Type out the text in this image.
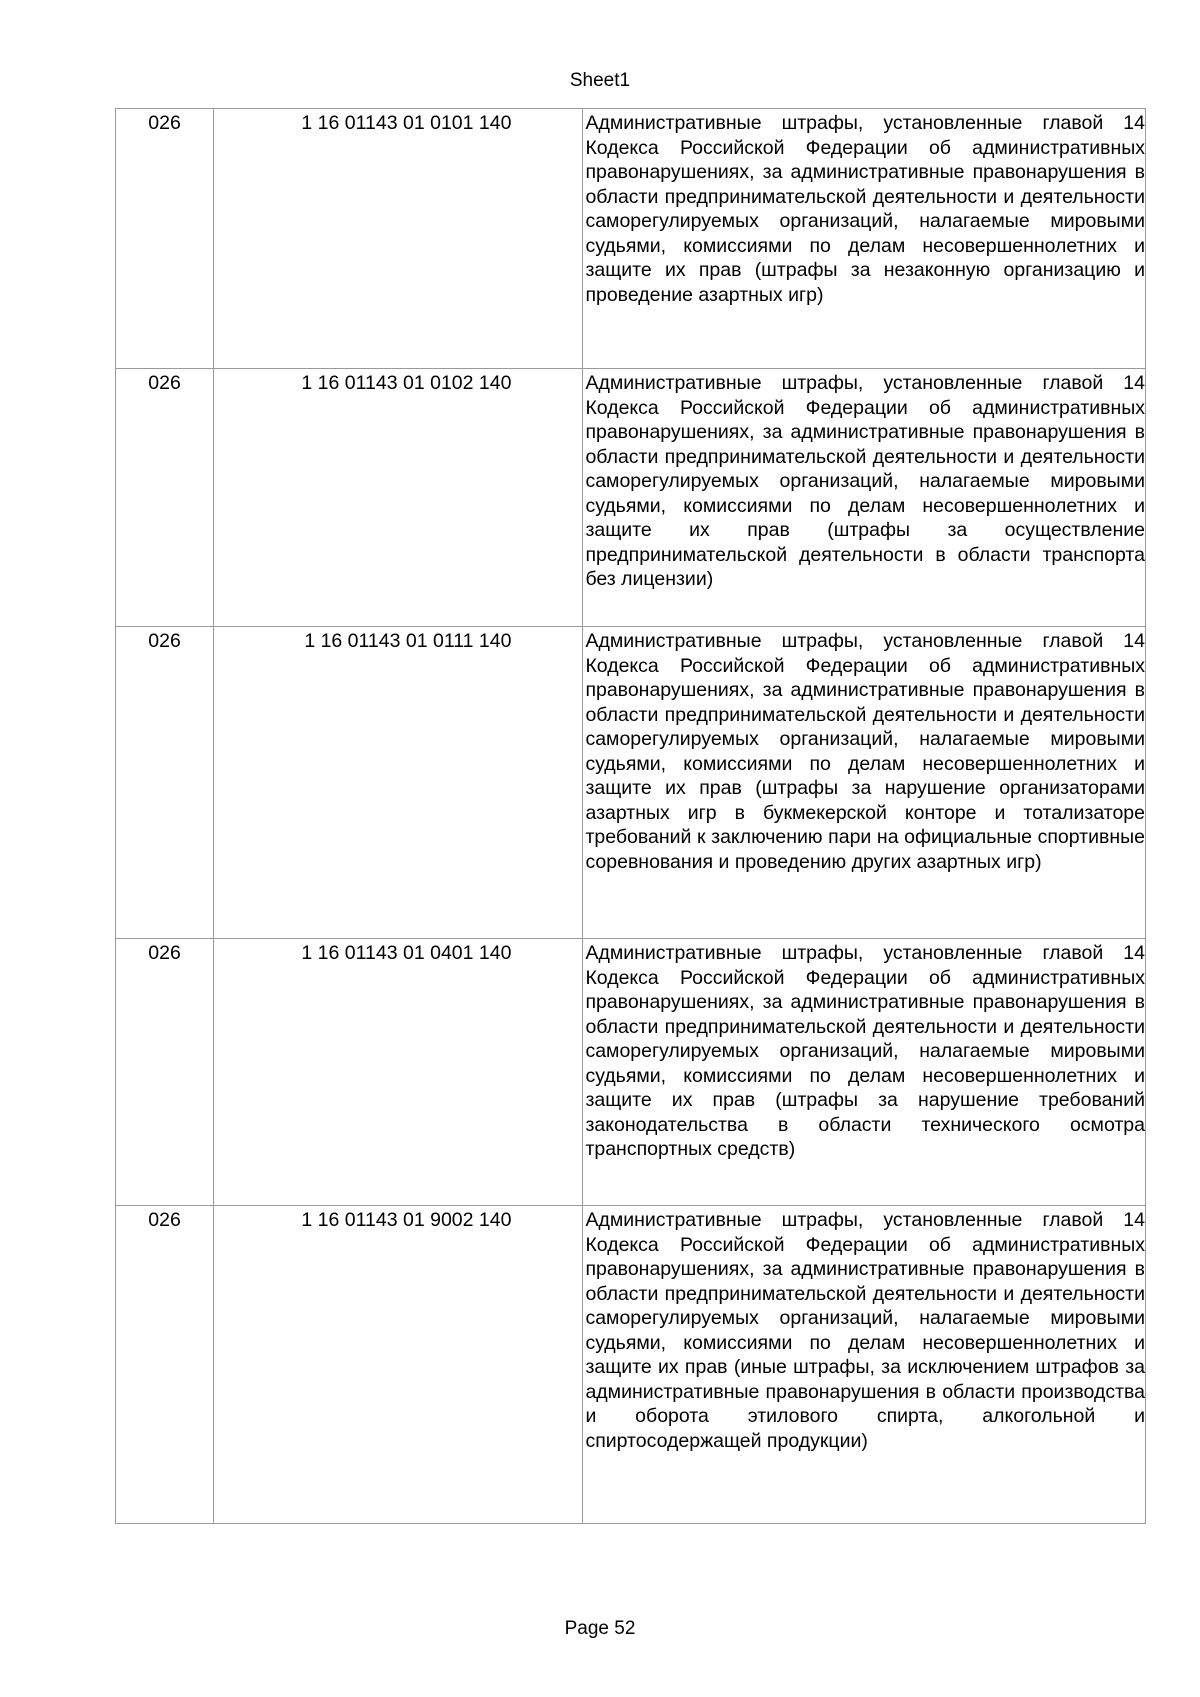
Sheet1
026	1 16 01143 01 0101 140	Административные штрафы, установленные главой 14 Кодекса Российской Федерации об административных правонарушениях, за административные правонарушения в области предпринимательской деятельности и деятельности саморегулируемых организаций, налагаемые мировыми судьями, комиссиями по делам несовершеннолетних и защите их прав (штрафы за незаконную организацию и проведение азартных игр)
026	1 16 01143 01 0102 140	Административные штрафы, установленные главой 14 Кодекса Российской Федерации об административных правонарушениях, за административные правонарушения в области предпринимательской деятельности и деятельности саморегулируемых организаций, налагаемые мировыми судьями, комиссиями по делам несовершеннолетних и защите их прав (штрафы за осуществление предпринимательской деятельности в области транспорта без лицензии)
026	1 16 01143 01 0111 140	Административные штрафы, установленные главой 14 Кодекса Российской Федерации об административных правонарушениях, за административные правонарушения в области предпринимательской деятельности и деятельности саморегулируемых организаций, налагаемые мировыми судьями, комиссиями по делам несовершеннолетних и защите их прав (штрафы за нарушение организаторами азартных игр в букмекерской конторе и тотализаторе требований к заключению пари на официальные спортивные соревнования и проведению других азартных игр)
026	1 16 01143 01 0401 140	Административные штрафы, установленные главой 14 Кодекса Российской Федерации об административных правонарушениях, за административные правонарушения в области предпринимательской деятельности и деятельности саморегулируемых организаций, налагаемые мировыми судьями, комиссиями по делам несовершеннолетних и защите их прав (штрафы за нарушение требований законодательства в области технического осмотра транспортных средств)
026	1 16 01143 01 9002 140	Административные штрафы, установленные главой 14 Кодекса Российской Федерации об административных правонарушениях, за административные правонарушения в области предпринимательской деятельности и деятельности саморегулируемых организаций, налагаемые мировыми судьями, комиссиями по делам несовершеннолетних и защите их прав (иные штрафы, за исключением штрафов за административные правонарушения в области производства и оборота этилового спирта, алкогольной и спиртосодержащей продукции)
Page 52
